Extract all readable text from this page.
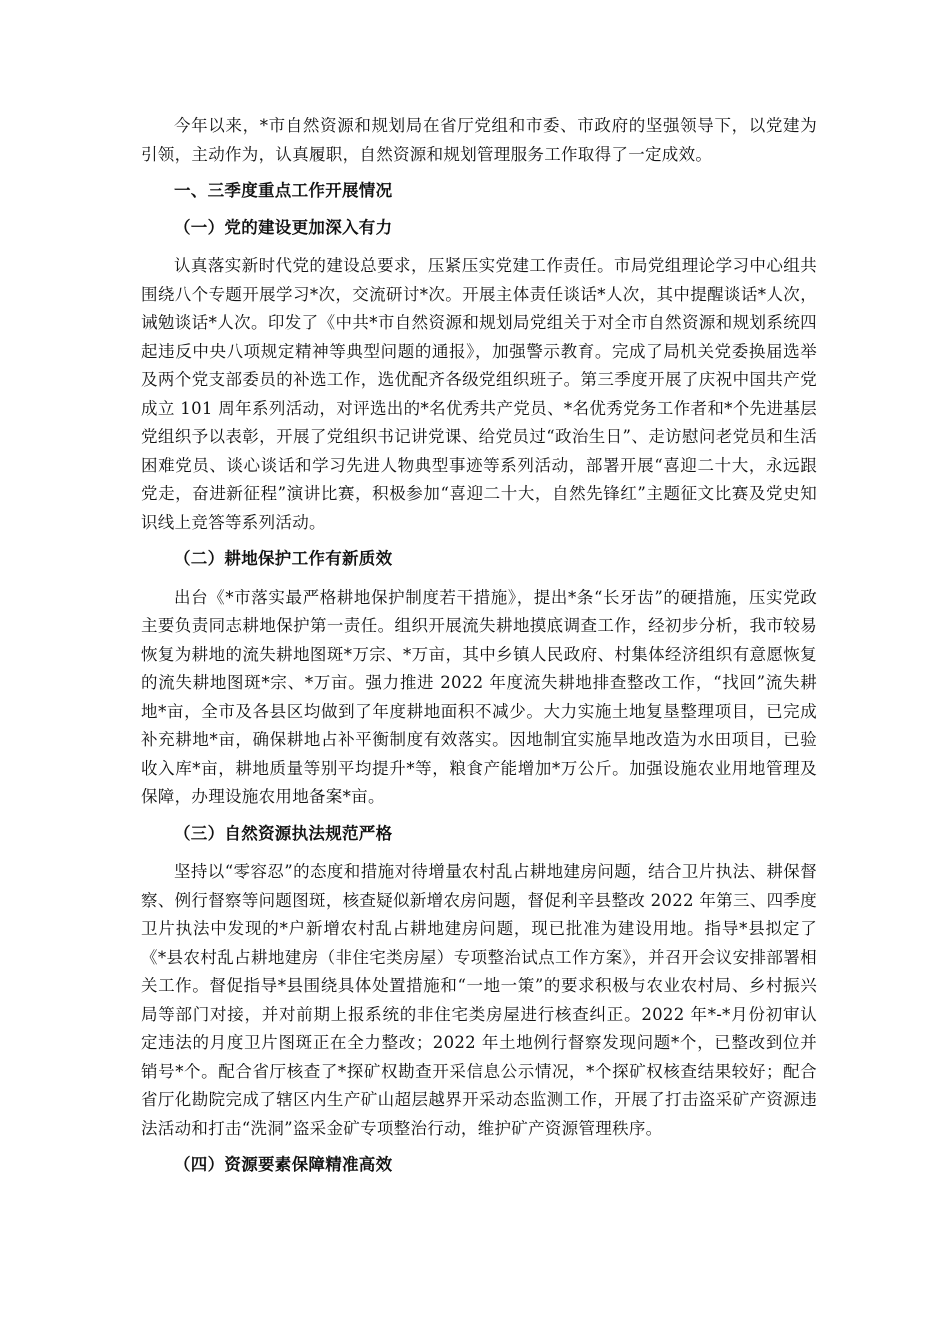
今年以来，*市自然资源和规划局在省厅党组和市委、市政府的坚强领导下，以党建为引领，主动作为，认真履职，自然资源和规划管理服务工作取得了一定成效。

一、三季度重点工作开展情况

（一）党的建设更加深入有力

认真落实新时代党的建设总要求，压紧压实党建工作责任。市局党组理论学习中心组共围绕八个专题开展学习*次，交流研讨*次。开展主体责任谈话*人次，其中提醒谈话*人次，诫勉谈话*人次。印发了《中共*市自然资源和规划局党组关于对全市自然资源和规划系统四起违反中央八项规定精神等典型问题的通报》，加强警示教育。完成了局机关党委换届选举及两个党支部委员的补选工作，选优配齐各级党组织班子。第三季度开展了庆祝中国共产党成立 101 周年系列活动，对评选出的*名优秀共产党员、*名优秀党务工作者和*个先进基层党组织予以表彰，开展了党组织书记讲党课、给党员过“政治生日”、走访慰问老党员和生活困难党员、谈心谈话和学习先进人物典型事迹等系列活动，部署开展“喜迎二十大，永远跟党走，奋进新征程”演讲比赛，积极参加“喜迎二十大，自然先锋红”主题征文比赛及党史知识线上竞答等系列活动。

（二）耕地保护工作有新质效

出台《*市落实最严格耕地保护制度若干措施》，提出*条“长牙齿”的硬措施，压实党政主要负责同志耕地保护第一责任。组织开展流失耕地摸底调查工作，经初步分析，我市较易恢复为耕地的流失耕地图斑*万宗、*万亩，其中乡镇人民政府、村集体经济组织有意愿恢复的流失耕地图斑*宗、*万亩。强力推进 2022 年度流失耕地排查整改工作，“找回”流失耕地*亩，全市及各县区均做到了年度耕地面积不减少。大力实施土地复垦整理项目，已完成补充耕地*亩，确保耕地占补平衡制度有效落实。因地制宜实施旱地改造为水田项目，已验收入库*亩，耕地质量等别平均提升*等，粮食产能增加*万公斤。加强设施农业用地管理及保障，办理设施农用地备案*亩。

（三）自然资源执法规范严格

坚持以“零容忍”的态度和措施对待增量农村乱占耕地建房问题，结合卫片执法、耕保督察、例行督察等问题图斑，核查疑似新增农房问题，督促利辛县整改 2022 年第三、四季度卫片执法中发现的*户新增农村乱占耕地建房问题，现已批准为建设用地。指导*县拟定了《*县农村乱占耕地建房（非住宅类房屋）专项整治试点工作方案》，并召开会议安排部署相关工作。督促指导*县围绕具体处置措施和“一地一策”的要求积极与农业农村局、乡村振兴局等部门对接，并对前期上报系统的非住宅类房屋进行核查纠正。2022 年*-*月份初审认定违法的月度卫片图斑正在全力整改；2022 年土地例行督察发现问题*个，已整改到位并销号*个。配合省厅核查了*探矿权勘查开采信息公示情况，*个探矿权核查结果较好；配合省厅化勘院完成了辖区内生产矿山超层越界开采动态监测工作，开展了打击盗采矿产资源违法活动和打击“洗洞”盗采金矿专项整治行动，维护矿产资源管理秩序。

（四）资源要素保障精准高效
